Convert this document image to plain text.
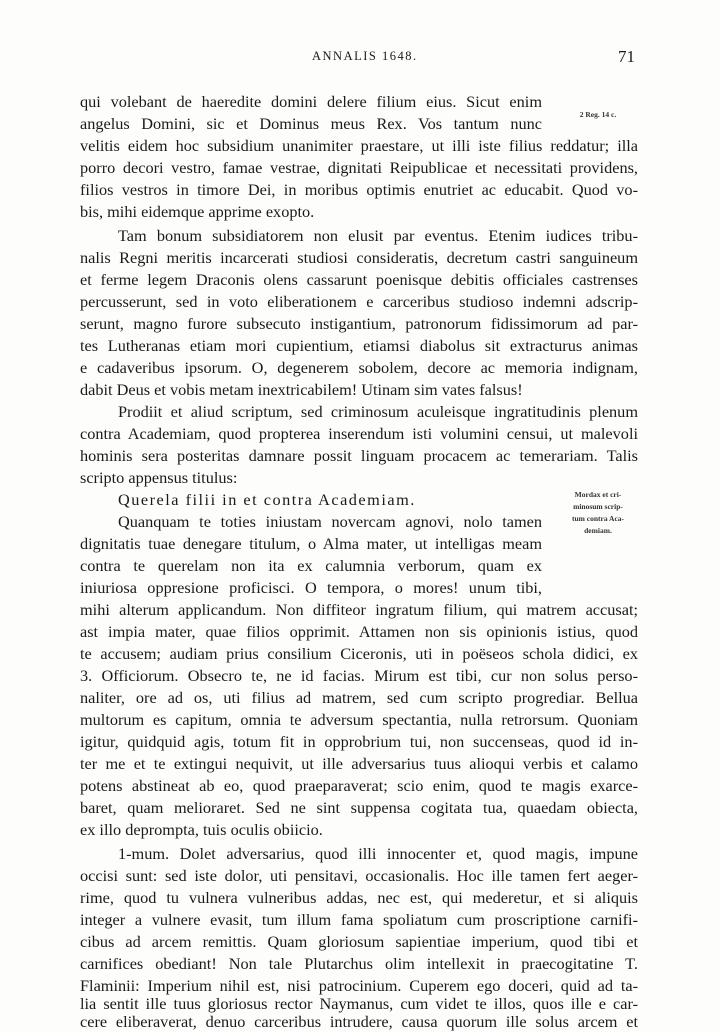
ANNALIS 1648.	71
2 Reg. 14 c.
Mordax et cri-
minosum scrip-
tum contra Aca-
demiam.
qui volebant de haeredite domini delere filium eius. Sicut enim
angelus Domini, sic et Dominus meus Rex. Vos tantum nunc
velitis eidem hoc subsidium unanimiter praestare, ut illi iste filius reddatur; illa
porro decori vestro, famae vestrae, dignitati Reipublicae et necessitati providens,
filios vestros in timore Dei, in moribus optimis enutriet ac educabit. Quod vo-
bis, mihi eidemque apprime exopto.
Tam bonum subsidiatorem non elusit par eventus. Etenim iudices tribu-
nalis Regni meritis incarcerati studiosi consideratis, decretum castri sanguineum
et ferme legem Draconis olens cassarunt poenisque debitis officiales castrenses
percusserunt, sed in voto eliberationem e carceribus studioso indemni adscrip-
serunt, magno furore subsecuto instigantium, patronorum fidissimorum ad par-
tes Lutheranas etiam mori cupientium, etiamsi diabolus sit extracturus animas
e cadaveribus ipsorum. O, degenerem sobolem, decore ac memoria indignam,
dabit Deus et vobis metam inextricabilem! Utinam sim vates falsus!
Prodiit et aliud scriptum, sed criminosum aculeisque ingratitudinis plenum
contra Academiam, quod propterea inserendum isti volumini censui, ut malevoli
hominis sera posteritas damnare possit linguam procacem ac temerariam. Talis
scripto appensus titulus:
Querela filii in et contra Academiam.
Quanquam te toties iniustam novercam agnovi, nolo tamen
dignitatis tuae denegare titulum, o Alma mater, ut intelligas meam
contra te querelam non ita ex calumnia verborum, quam ex
iniuriosa oppresione proficisci. O tempora, o mores! unum tibi,
mihi alterum applicandum. Non diffiteor ingratum filium, qui matrem accusat;
ast impia mater, quae filios opprimit. Attamen non sis opinionis istius, quod
te accusem; audiam prius consilium Ciceronis, uti in poëseos schola didici, ex
3. Officiorum. Obsecro te, ne id facias. Mirum est tibi, cur non solus perso-
naliter, ore ad os, uti filius ad matrem, sed cum scripto progrediar. Bellua
multorum es capitum, omnia te adversum spectantia, nulla retrorsum. Quoniam
igitur, quidquid agis, totum fit in opprobrium tui, non succenseas, quod id in-
ter me et te extingui nequivit, ut ille adversarius tuus alioqui verbis et calamo
potens abstineat ab eo, quod praeparaverat; scio enim, quod te magis exarce-
baret, quam melioraret. Sed ne sint suppensa cogitata tua, quaedam obiecta,
ex illo deprompta, tuis oculis obiicio.
1-mum. Dolet adversarius, quod illi innocenter et, quod magis, impune
occisi sunt: sed iste dolor, uti pensitavi, occasionalis. Hoc ille tamen fert aeger-
rime, quod tu vulnera vulneribus addas, nec est, qui mederetur, et si aliquis
integer a vulnere evasit, tum illum fama spoliatum cum proscriptione carnifi-
cibus ad arcem remittis. Quam gloriosum sapientiae imperium, quod tibi et
carnifices obediant! Non tale Plutarchus olim intellexit in praecogitatine T.
Flaminii: Imperium nihil est, nisi patrocinium. Cuperem ego doceri, quid ad ta-
lia sentit ille tuus gloriosus rector Naymanus, cum videt te illos, quos ille e car-
cere eliberaverat, denuo carceribus intrudere, causa quorum ille solus arcem et
